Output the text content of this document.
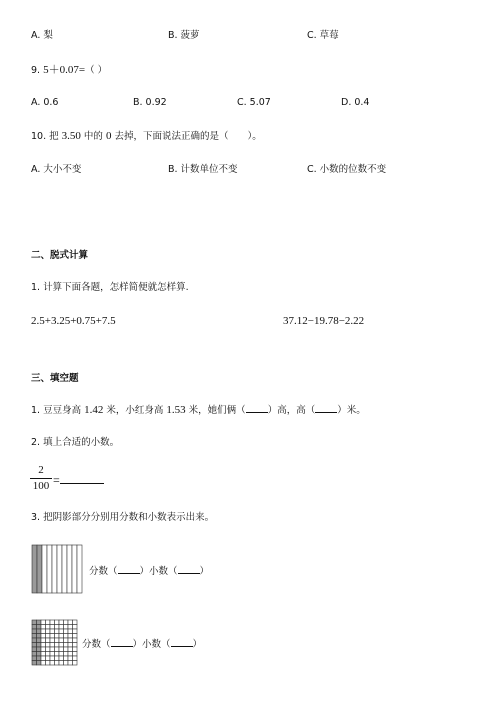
A. 梨	B. 菠萝	C. 草莓
9. 5＋0.07=（ ）
A. 0.6	B. 0.92	C. 5.07	D. 0.4
10. 把 3.50 中的 0 去掉，下面说法正确的是（　　）。
A. 大小不变	B. 计数单位不变	C. 小数的位数不变
二、脱式计算
1. 计算下面各题，怎样简便就怎样算.
2.5+3.25+0.75+7.5	37.12−19.78−2.22
三、填空题
1. 豆豆身高 1.42 米，小红身高 1.53 米，她们俩（ ）高，高（ ）米。
2. 填上合适的小数。
2
100 =
3. 把阴影部分分别用分数和小数表示出来。
分数（ ）小数（ ）
分数（ ）小数（ ）
